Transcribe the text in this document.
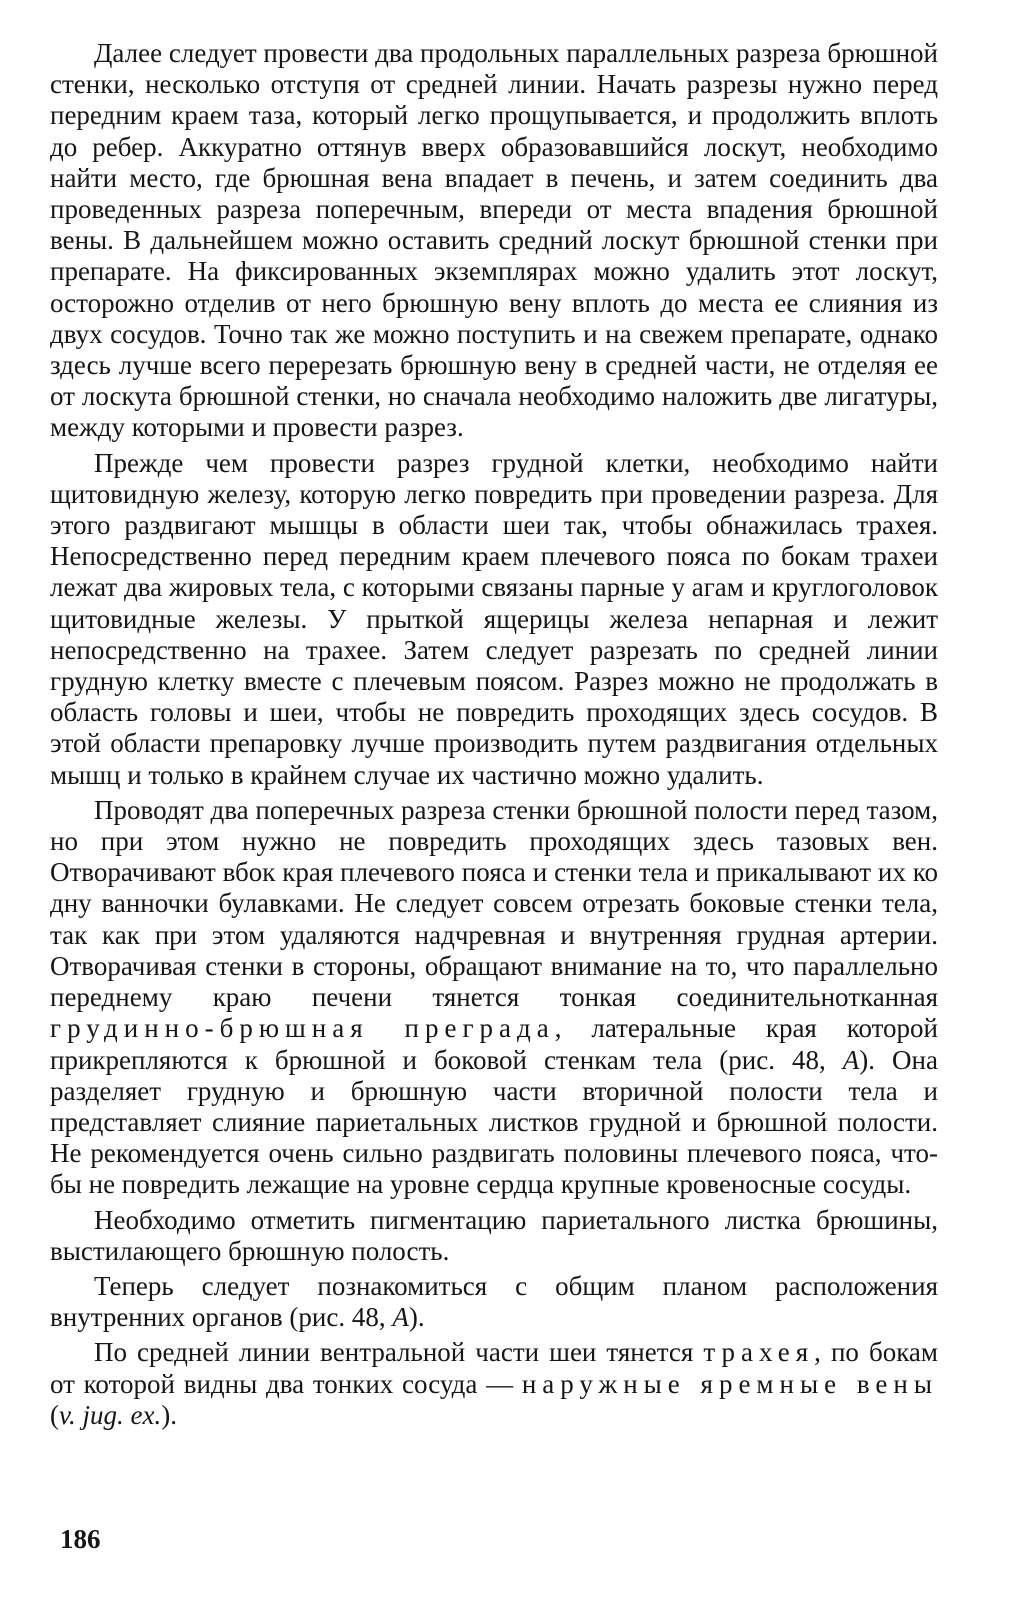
Далее следует провести два продольных параллельных разреза брюшной стенки, несколько отступя от средней линии. Начать разрезы нужно перед передним краем таза, который легко прощупывается, и продолжить вплоть до ребер. Аккуратно оттянув вверх образовавшийся лоскут, необходимо найти место, где брюшная вена впадает в печень, и затем соединить два проведенных разреза поперечным, впереди от места впадения брюшной вены. В дальнейшем можно оставить средний лоскут брюшной стенки при препарате. На фиксированных экземплярах можно удалить этот лоскут, осторожно отделив от него брюшную вену вплоть до места ее слияния из двух сосудов. Точно так же можно поступить и на свежем препарате, однако здесь лучше всего перерезать брюшную вену в средней части, не отделяя ее от лоскута брюшной стенки, но сначала необходимо наложить две лигатуры, между которыми и провести разрез.

Прежде чем провести разрез грудной клетки, необходимо найти щитовидную железу, которую легко повредить при проведении разреза. Для этого раздвигают мышцы в области шеи так, чтобы обнажилась трахея. Непосредственно перед передним краем плечевого пояса по бокам трахеи лежат два жировых тела, с которыми связаны парные у агам и круглоголовок щитовидные железы. У прыткой ящерицы железа непарная и лежит непосредственно на трахее. Затем следует разрезать по средней линии грудную клетку вместе с плечевым поясом. Разрез можно не продолжать в область головы и шеи, чтобы не повредить проходящих здесь сосудов. В этой области препаровку лучше производить путем раздвигания отдельных мышц и только в крайнем случае их частично можно удалить.

Проводят два поперечных разреза стенки брюшной полости перед тазом, но при этом нужно не повредить проходящих здесь тазовых вен. Отворачивают вбок края плечевого пояса и стенки тела и прикалывают их ко дну ванночки булавками. Не следует совсем отрезать боковые стенки тела, так как при этом удаляются надчревная и внутренняя грудная артерии. Отворачивая стенки в стороны, обращают внимание на то, что параллельно переднему краю печени тянется тонкая соединительнотканная грудинно-брюшная преграда, латеральные края которой прикрепляются к брюшной и боковой стенкам тела (рис. 48, А). Она разделяет грудную и брюшную части вторичной полости тела и представляет слияние париетальных листков грудной и брюшной полости. Не рекомендуется очень сильно раздвигать половины плечевого пояса, чтобы не повредить лежащие на уровне сердца крупные кровеносные сосуды.

Необходимо отметить пигментацию париетального листка брюшины, выстилающего брюшную полость.

Теперь следует познакомиться с общим планом расположения внутренних органов (рис. 48, А).

По средней линии вентральной части шеи тянется трахея, по бокам от которой видны два тонких сосуда — наружные яремные вены (v. jug. ex.).

186
